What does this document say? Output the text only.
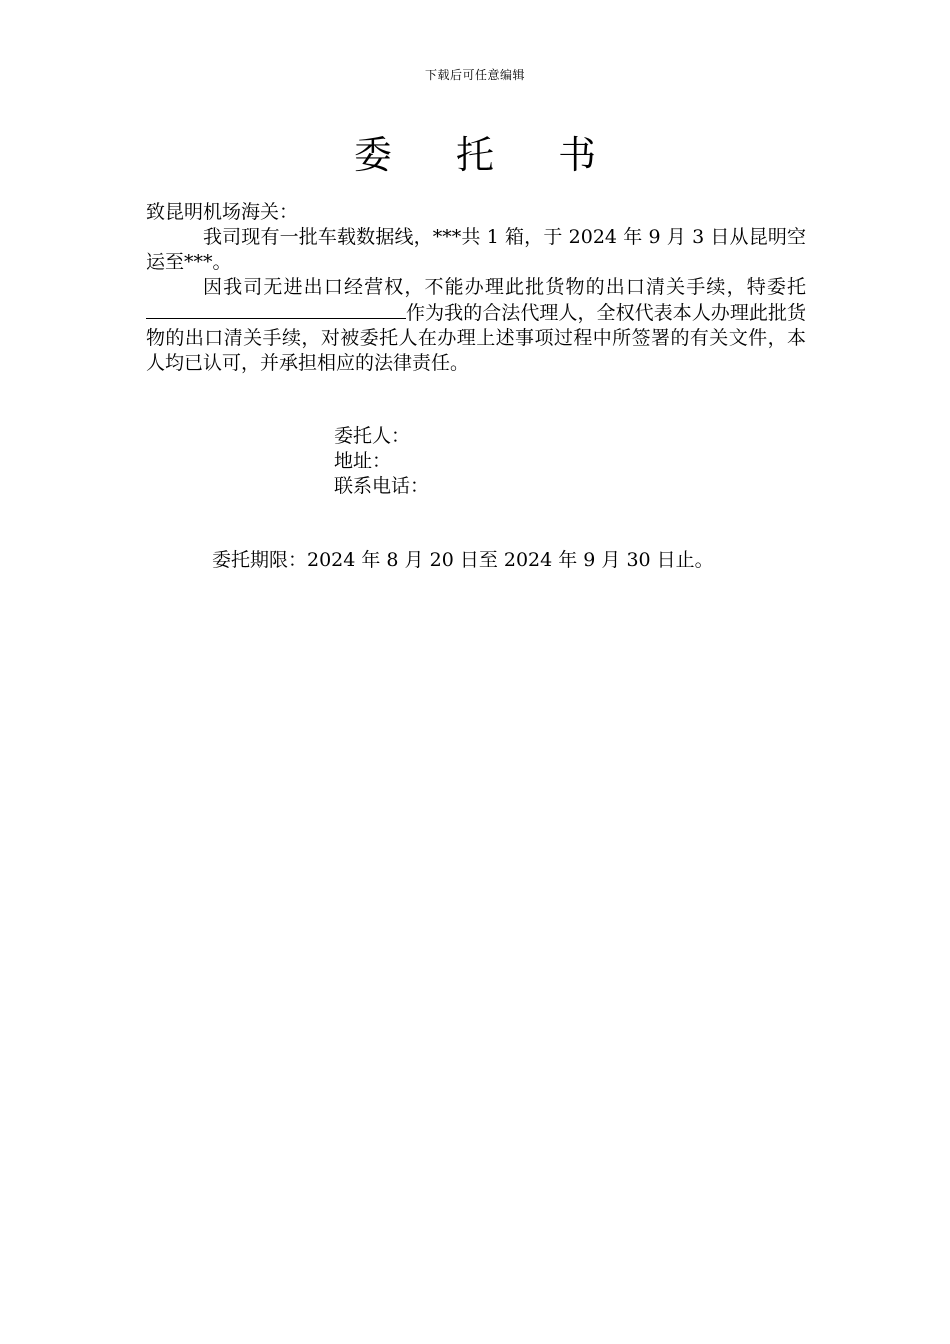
下载后可任意编辑
委 托 书
致昆明机场海关：
我司现有一批车载数据线，***共 1 箱，于 2024 年 9 月 3 日从昆明空运至***。
因我司无进出口经营权，不能办理此批货物的出口清关手续，特委托作为我的合法代理人，全权代表本人办理此批货物的出口清关手续，对被委托人在办理上述事项过程中所签署的有关文件，本人均已认可，并承担相应的法律责任。
委托人：
地址：
联系电话：
委托期限：2024 年 8 月 20 日至 2024 年 9 月 30 日止。
